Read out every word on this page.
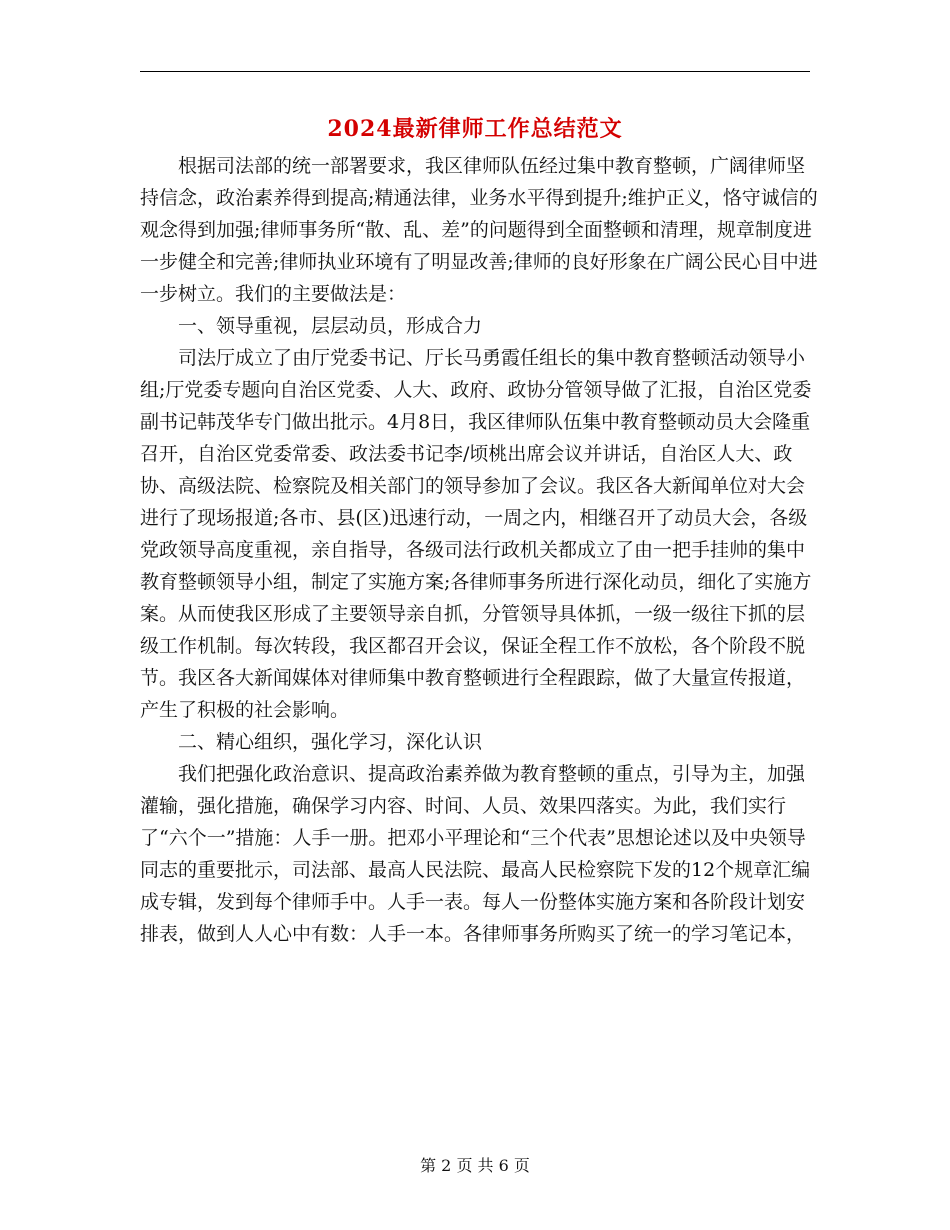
2024最新律师工作总结范文

根据司法部的统一部署要求，我区律师队伍经过集中教育整顿，广阔律师坚持信念，政治素养得到提高;精通法律，业务水平得到提升;维护正义，恪守诚信的观念得到加强;律师事务所“散、乱、差”的问题得到全面整顿和清理，规章制度进一步健全和完善;律师执业环境有了明显改善;律师的良好形象在广阔公民心目中进一步树立。我们的主要做法是：

一、领导重视，层层动员，形成合力

司法厅成立了由厅党委书记、厅长马勇霞任组长的集中教育整顿活动领导小组;厅党委专题向自治区党委、人大、政府、政协分管领导做了汇报，自治区党委副书记韩茂华专门做出批示。4月8日，我区律师队伍集中教育整顿动员大会隆重召开，自治区党委常委、政法委书记李/顷桃出席会议并讲话，自治区人大、政协、高级法院、检察院及相关部门的领导参加了会议。我区各大新闻单位对大会进行了现场报道;各市、县(区)迅速行动，一周之内，相继召开了动员大会，各级党政领导高度重视，亲自指导，各级司法行政机关都成立了由一把手挂帅的集中教育整顿领导小组，制定了实施方案;各律师事务所进行深化动员，细化了实施方案。从而使我区形成了主要领导亲自抓，分管领导具体抓，一级一级往下抓的层级工作机制。每次转段，我区都召开会议，保证全程工作不放松，各个阶段不脱节。我区各大新闻媒体对律师集中教育整顿进行全程跟踪，做了大量宣传报道，产生了积极的社会影响。

二、精心组织，强化学习，深化认识

我们把强化政治意识、提高政治素养做为教育整顿的重点，引导为主，加强灌输，强化措施，确保学习内容、时间、人员、效果四落实。为此，我们实行了“六个一”措施：人手一册。把邓小平理论和“三个代表”思想论述以及中央领导同志的重要批示，司法部、最高人民法院、最高人民检察院下发的12个规章汇编成专辑，发到每个律师手中。人手一表。每人一份整体实施方案和各阶段计划安排表，做到人人心中有数：人手一本。各律师事务所购买了统一的学习笔记本，

第 2 页 共 6 页
